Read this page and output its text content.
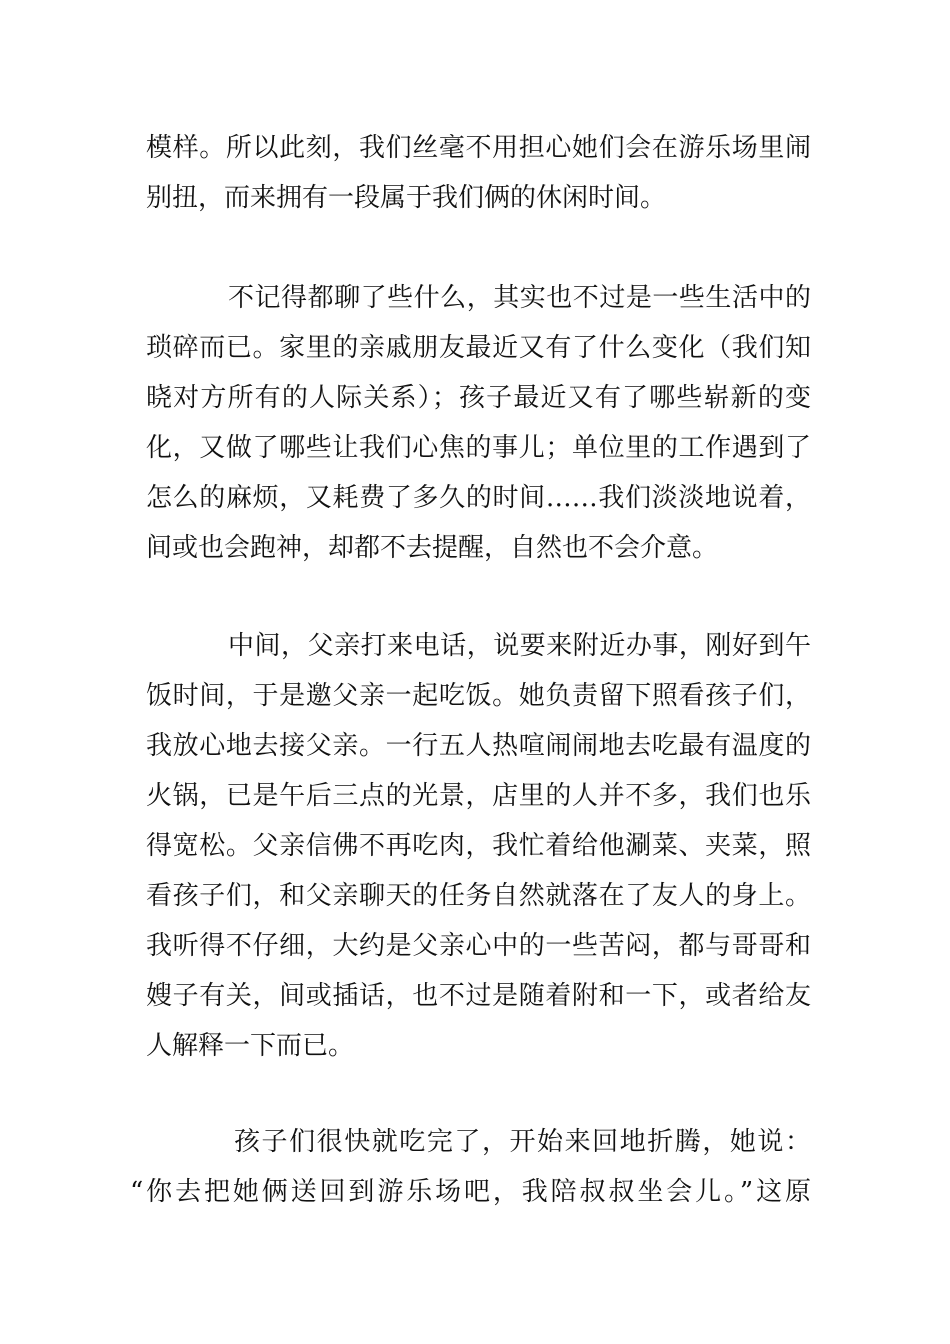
模样。所以此刻，我们丝毫不用担心她们会在游乐场里闹
别扭，而来拥有一段属于我们俩的休闲时间。
不记得都聊了些什么，其实也不过是一些生活中的
琐碎而已。家里的亲戚朋友最近又有了什么变化（我们知
晓对方所有的人际关系）；孩子最近又有了哪些崭新的变
化，又做了哪些让我们心焦的事儿；单位里的工作遇到了
怎么的麻烦，又耗费了多久的时间……我们淡淡地说着，
间或也会跑神，却都不去提醒，自然也不会介意。
中间，父亲打来电话，说要来附近办事，刚好到午
饭时间，于是邀父亲一起吃饭。她负责留下照看孩子们，
我放心地去接父亲。一行五人热喧闹闹地去吃最有温度的
火锅，已是午后三点的光景，店里的人并不多，我们也乐
得宽松。父亲信佛不再吃肉，我忙着给他涮菜、夹菜，照
看孩子们，和父亲聊天的任务自然就落在了友人的身上。
我听得不仔细，大约是父亲心中的一些苦闷，都与哥哥和
嫂子有关，间或插话，也不过是随着附和一下，或者给友
人解释一下而已。
孩子们很快就吃完了，开始来回地折腾，她说：
“你去把她俩送回到游乐场吧，我陪叔叔坐会儿。”这原
